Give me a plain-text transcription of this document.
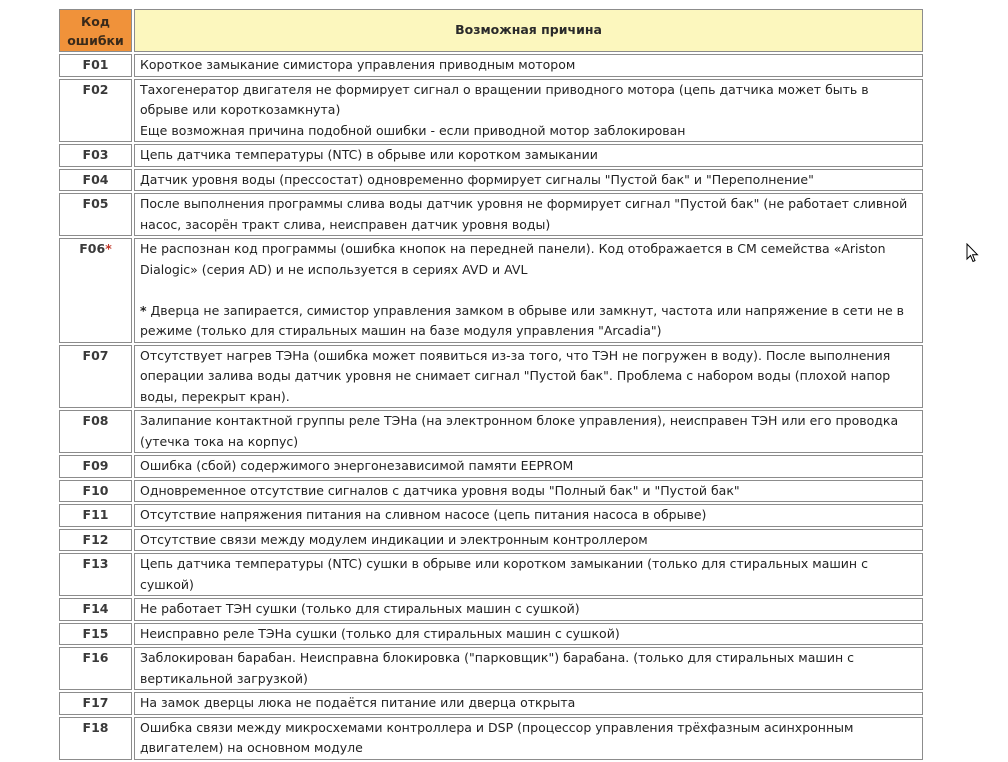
Код
ошибки	Возможная причина
F01	Короткое замыкание симистора управления приводным мотором

F02	Тахогенератор двигателя не формирует сигнал о вращении приводного мотора (цепь датчика может быть в обрыве или короткозамкнута)

Еще возможная причина подобной ошибки - если приводной мотор заблокирован

F03	Цепь датчика температуры (NTC) в обрыве или коротком замыкании

F04	Датчик уровня воды (прессостат) одновременно формирует сигналы "Пустой бак" и "Переполнение"

F05	После выполнения программы слива воды датчик уровня не формирует сигнал "Пустой бак" (не работает сливной насос, засорён тракт слива, неисправен датчик уровня воды)

F06*	Не распознан код программы (ошибка кнопок на передней панели). Код отображается в СМ семейства «Ariston Dialogic» (серия AD) и не используется в сериях AVD и AVL

* Дверца не запирается, симистор управления замком в обрыве или замкнут, частота или напряжение в сети не в режиме (только для стиральных машин на базе модуля управления "Arcadia")

F07	Отсутствует нагрев ТЭНа (ошибка может появиться из-за того, что ТЭН не погружен в воду). После выполнения операции залива воды датчик уровня не снимает сигнал "Пустой бак". Проблема с набором воды (плохой напор воды, перекрыт кран).

F08	Залипание контактной группы реле ТЭНа (на электронном блоке управления), неисправен ТЭН или его проводка (утечка тока на корпус)

F09	Ошибка (сбой) содержимого энергонезависимой памяти EEPROM

F10	Одновременное отсутствие сигналов с датчика уровня воды "Полный бак" и "Пустой бак"

F11	Отсутствие напряжения питания на сливном насосе (цепь питания насоса в обрыве)

F12	Отсутствие связи между модулем индикации и электронным контроллером

F13	Цепь датчика температуры (NTC) сушки в обрыве или коротком замыкании (только для стиральных машин с сушкой)

F14	Не работает ТЭН сушки (только для стиральных машин с сушкой)

F15	Неисправно реле ТЭНа сушки (только для стиральных машин с сушкой)

F16	Заблокирован барабан. Неисправна блокировка ("парковщик") барабана. (только для стиральных машин с вертикальной загрузкой)

F17	На замок дверцы люка не подаётся питание или дверца открыта

F18	Ошибка связи между микросхемами контроллера и DSP (процессор управления трёхфазным асинхронным двигателем) на основном модуле
